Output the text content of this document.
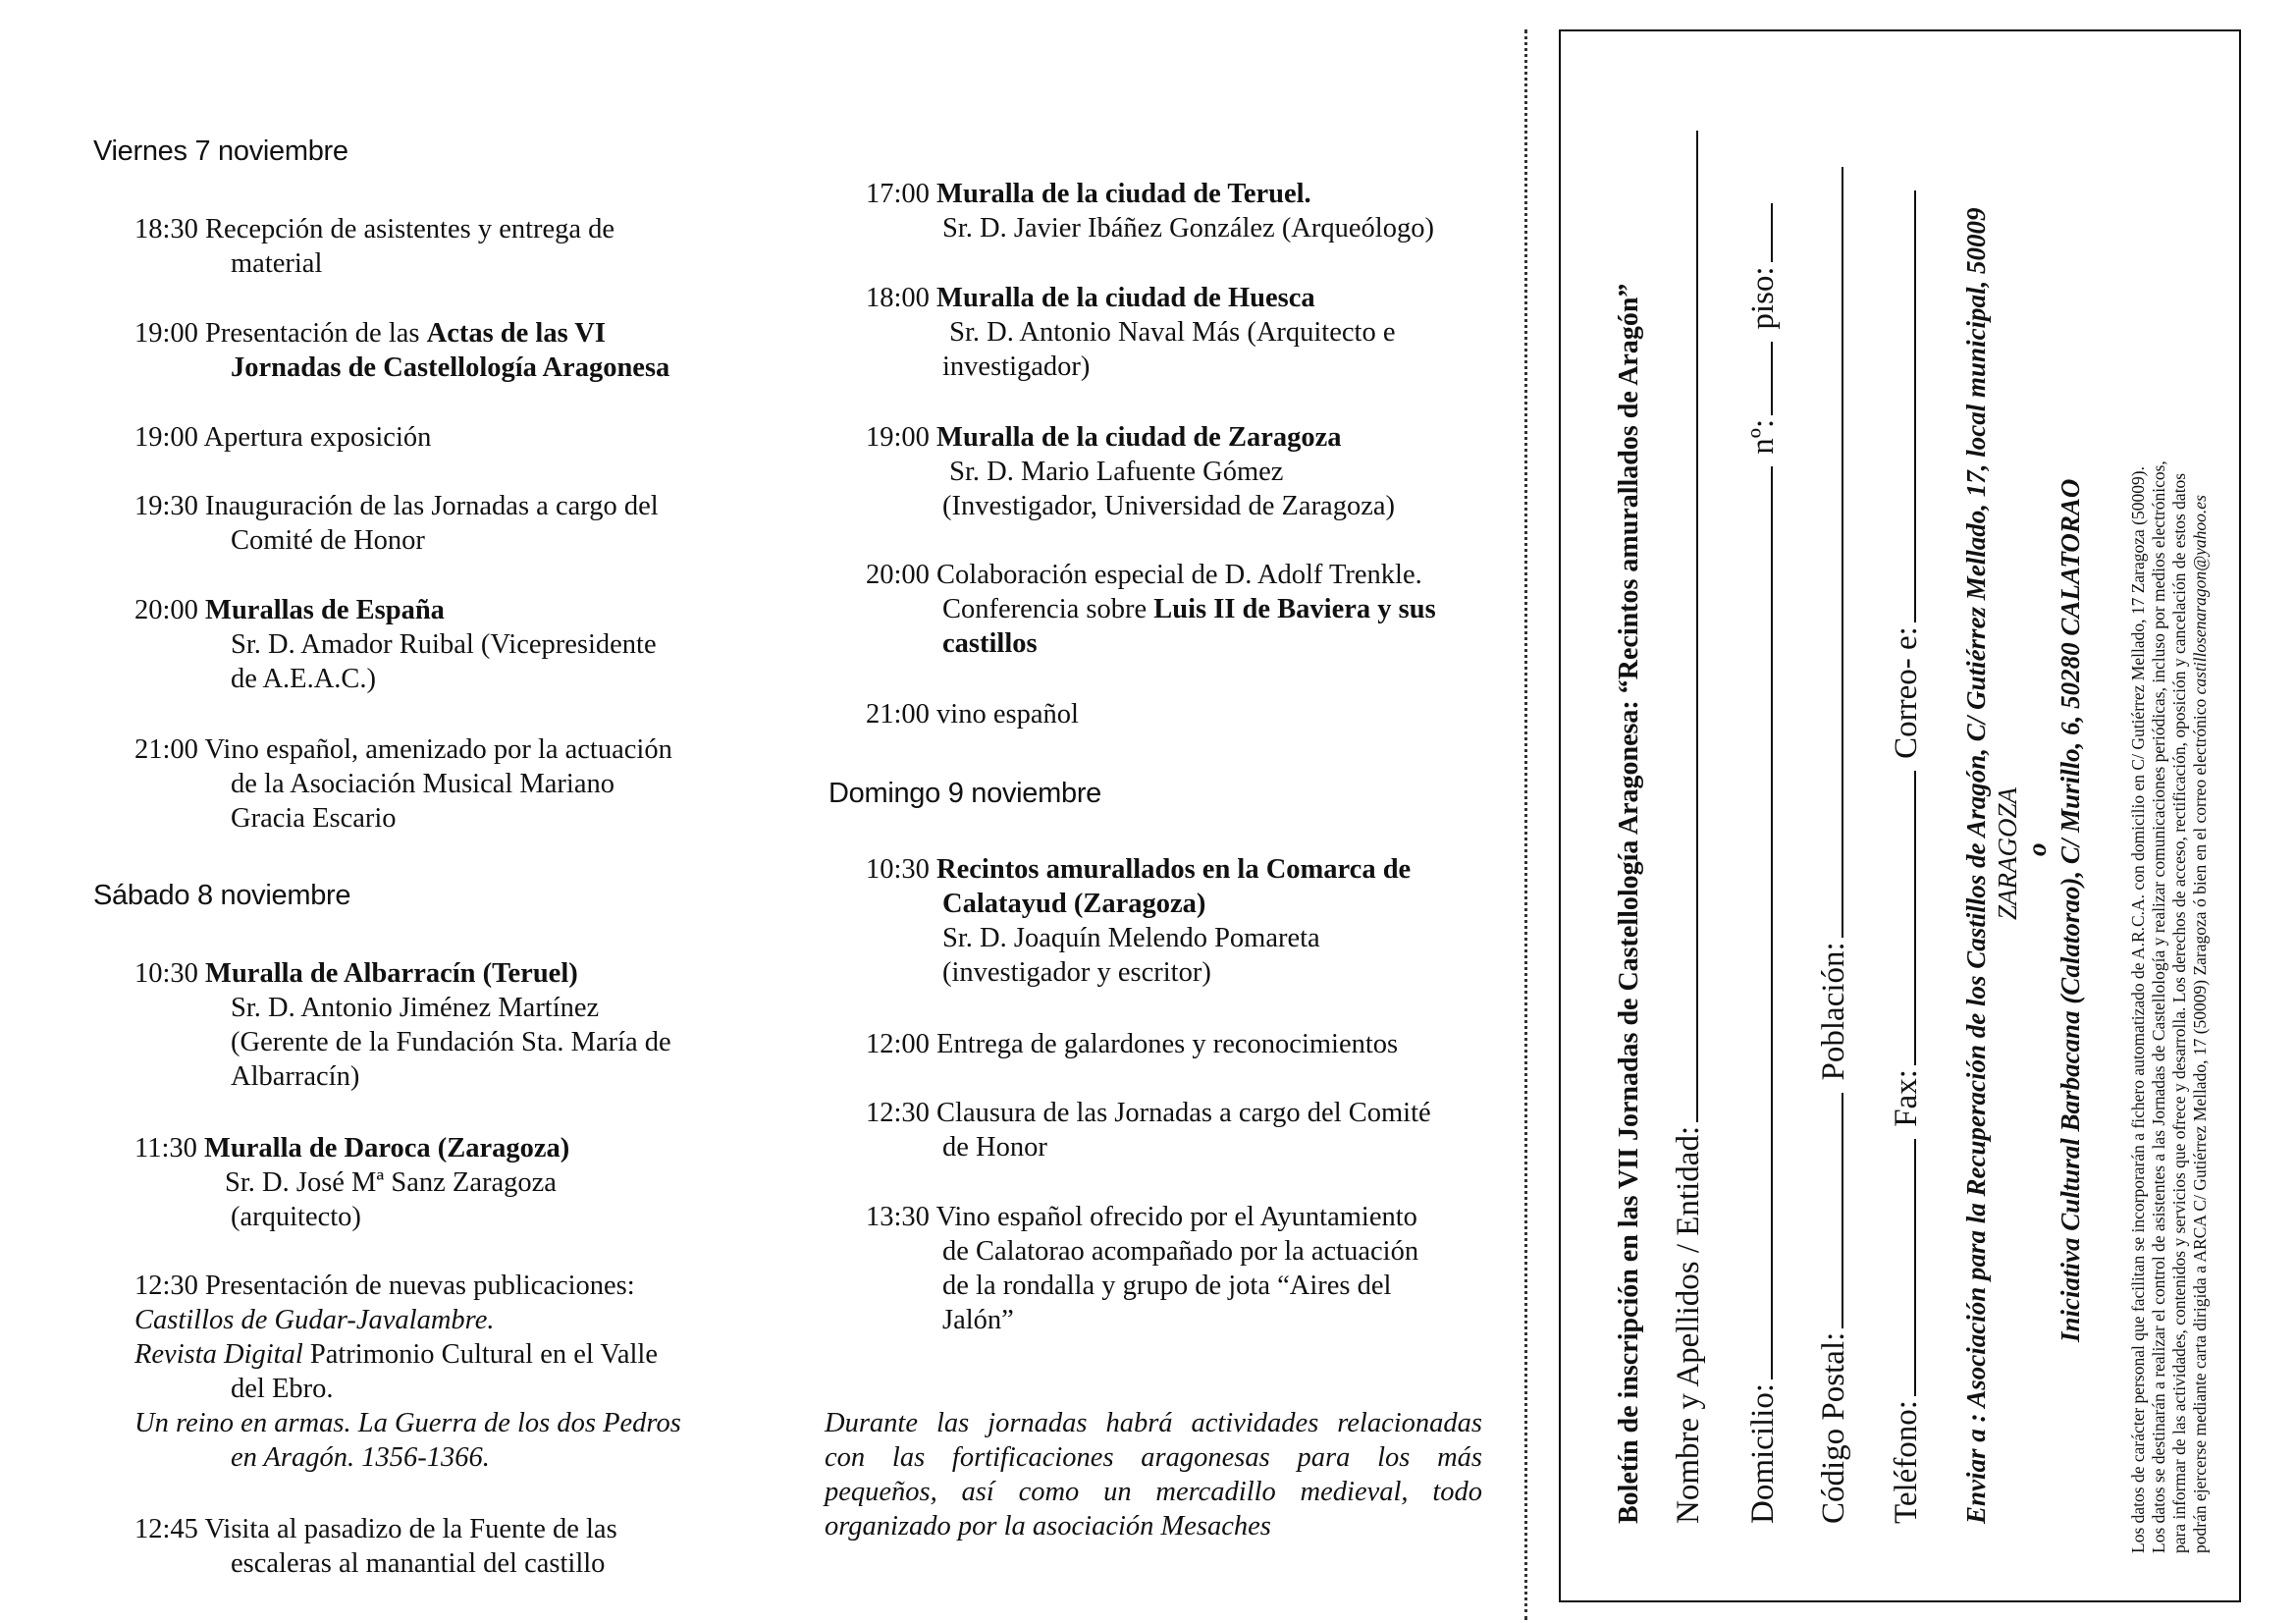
Viernes 7 noviembre
18:30 Recepción de asistentes y entrega de
material
19:00 Presentación de las Actas de las VI
Jornadas de Castellología Aragonesa
19:00 Apertura exposición
19:30 Inauguración de las Jornadas a cargo del
Comité de Honor
20:00 Murallas de España
Sr. D. Amador Ruibal (Vicepresidente
de A.E.A.C.)
21:00 Vino español, amenizado por la actuación
de la Asociación Musical Mariano
Gracia Escario
Sábado 8 noviembre
10:30 Muralla de Albarracín (Teruel)
Sr. D. Antonio Jiménez Martínez
(Gerente de la Fundación Sta. María de
Albarracín)
11:30 Muralla de Daroca (Zaragoza)
Sr. D. José Mª Sanz Zaragoza
(arquitecto)
12:30 Presentación de nuevas publicaciones:
Castillos de Gudar-Javalambre.
Revista Digital Patrimonio Cultural en el Valle
del Ebro.
Un reino en armas. La Guerra de los dos Pedros
en Aragón. 1356-1366.
12:45 Visita al pasadizo de la Fuente de las
escaleras al manantial del castillo
17:00 Muralla de la ciudad de Teruel.
Sr. D. Javier Ibáñez González (Arqueólogo)
18:00 Muralla de la ciudad de Huesca
Sr. D. Antonio Naval Más (Arquitecto e
investigador)
19:00 Muralla de la ciudad de Zaragoza
Sr. D. Mario Lafuente Gómez
(Investigador, Universidad de Zaragoza)
20:00 Colaboración especial de D. Adolf Trenkle.
Conferencia sobre Luis II de Baviera y sus
castillos
21:00 vino español
Domingo 9 noviembre
10:30 Recintos amurallados en la Comarca de
Calatayud (Zaragoza)
Sr. D. Joaquín Melendo Pomareta
(investigador y escritor)
12:00 Entrega de galardones y reconocimientos
12:30 Clausura de las Jornadas a cargo del Comité
de Honor
13:30 Vino español ofrecido por el Ayuntamiento
de Calatorao acompañado por la actuación
de la rondalla y grupo de jota “Aires del
Jalón”
Durante las jornadas habrá actividades relacionadas
con las fortificaciones aragonesas para los más
pequeños, así como un mercadillo medieval, todo
organizado por la asociación Mesaches
Boletín de inscripción en las VII Jornadas de Castellología Aragonesa: “Recintos amurallados de Aragón” Nombre y Apellidos / Entidad: Domicilio: nº: piso:
Código Postal: Población:
Teléfono: Fax: Correo- e: Enviar a : Asociación para la Recuperación de los Castillos de Aragón, C/ Gutiérrez Mellado, 17, local municipal, 50009 ZARAGOZA o Iniciativa Cultural Barbacana (Calatorao), C/ Murillo, 6, 50280 CALATORAO	Los datos de carácter personal que facilitan se incorporarán a fichero automatizado de A.R.C.A. con domicilio en C/ Gutiérrez Mellado, 17 Zaragoza (50009). Los datos se destinarán a realizar el control de asistentes a las Jornadas de Castellología y realizar comunicaciones periódicas, incluso por medios electrónicos, para informar de las actividades, contenidos y servicios que ofrece y desarrolla. Los derechos de acceso, rectificación, oposición y cancelación de estos datos podrán ejercerse mediante carta dirigida a ARCA C/ Gutiérrez Mellado, 17 (50009) Zaragoza ó bien en el correo electrónico castillosenaragon@yahoo.es
